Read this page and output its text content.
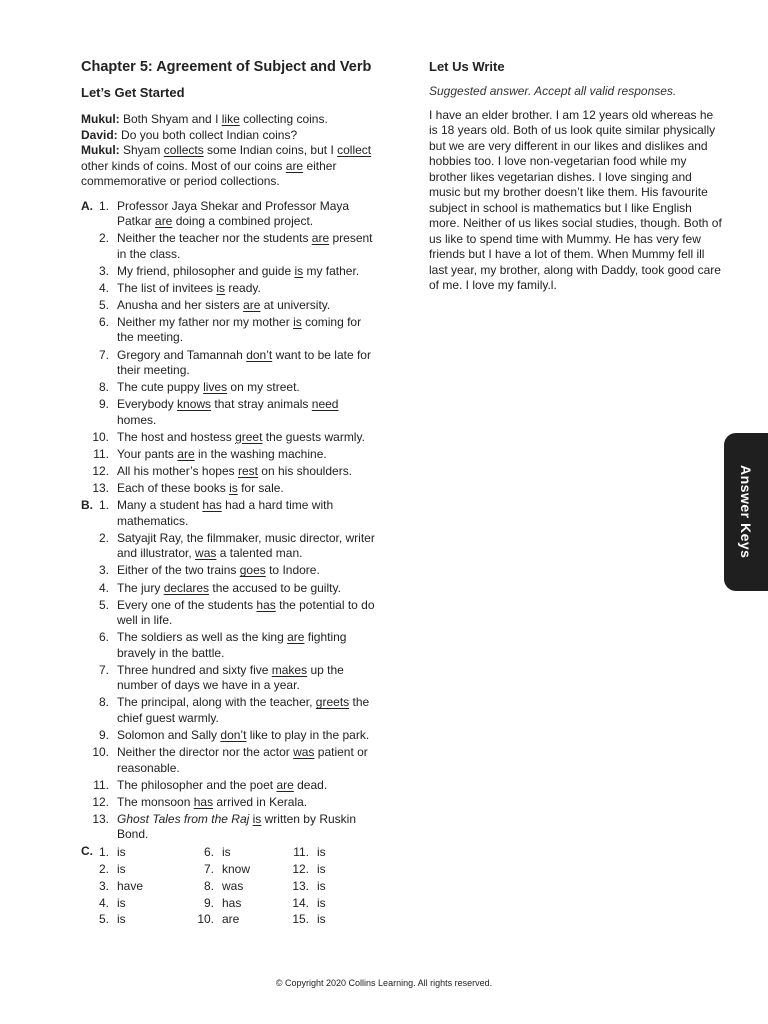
Chapter 5: Agreement of Subject and Verb
Let’s Get Started

Mukul: Both Shyam and I like collecting coins.

David: Do you both collect Indian coins?

Mukul: Shyam collects some Indian coins, but I collect other kinds of coins. Most of our coins are either commemorative or period collections.

A. 1. Professor Jaya Shekar and Professor Maya Patkar are doing a combined project.
2. Neither the teacher nor the students are present in the class.
3. My friend, philosopher and guide is my father.
4. The list of invitees is ready.
5. Anusha and her sisters are at university.
6. Neither my father nor my mother is coming for the meeting.
7. Gregory and Tamannah don’t want to be late for their meeting.
8. The cute puppy lives on my street.
9. Everybody knows that stray animals need homes.
10. The host and hostess greet the guests warmly.
11. Your pants are in the washing machine.
12. All his mother’s hopes rest on his shoulders.
13. Each of these books is for sale.
B. 1. Many a student has had a hard time with mathematics.
2. Satyajit Ray, the filmmaker, music director, writer and illustrator, was a talented man.
3. Either of the two trains goes to Indore.
4. The jury declares the accused to be guilty.
5. Every one of the students has the potential to do well in life.
6. The soldiers as well as the king are fighting bravely in the battle.
7. Three hundred and sixty five makes up the number of days we have in a year.
8. The principal, along with the teacher, greets the chief guest warmly.
9. Solomon and Sally don’t like to play in the park.
10. Neither the director nor the actor was patient or reasonable.
11. The philosopher and the poet are dead.
12. The monsoon has arrived in Kerala.
13. Ghost Tales from the Raj is written by Ruskin Bond.
C. 1. is	6. is	11. is
2. is	7. know	12. is
3. have	8. was	13. is
4. is	9. has	14. is
5. is	10. are	15. is
Let Us Write

Suggested answer. Accept all valid responses.

I have an elder brother. I am 12 years old whereas he is 18 years old. Both of us look quite similar physically but we are very different in our likes and dislikes and hobbies too. I love non-vegetarian food while my brother likes vegetarian dishes. I love singing and music but my brother doesn’t like them. His favourite subject in school is mathematics but I like English more. Neither of us likes social studies, though. Both of us like to spend time with Mummy. He has very few friends but I have a lot of them. When Mummy fell ill last year, my brother, along with Daddy, took good care of me. I love my family.l.

Answer Keys
© Copyright 2020 Collins Learning. All rights reserved.
